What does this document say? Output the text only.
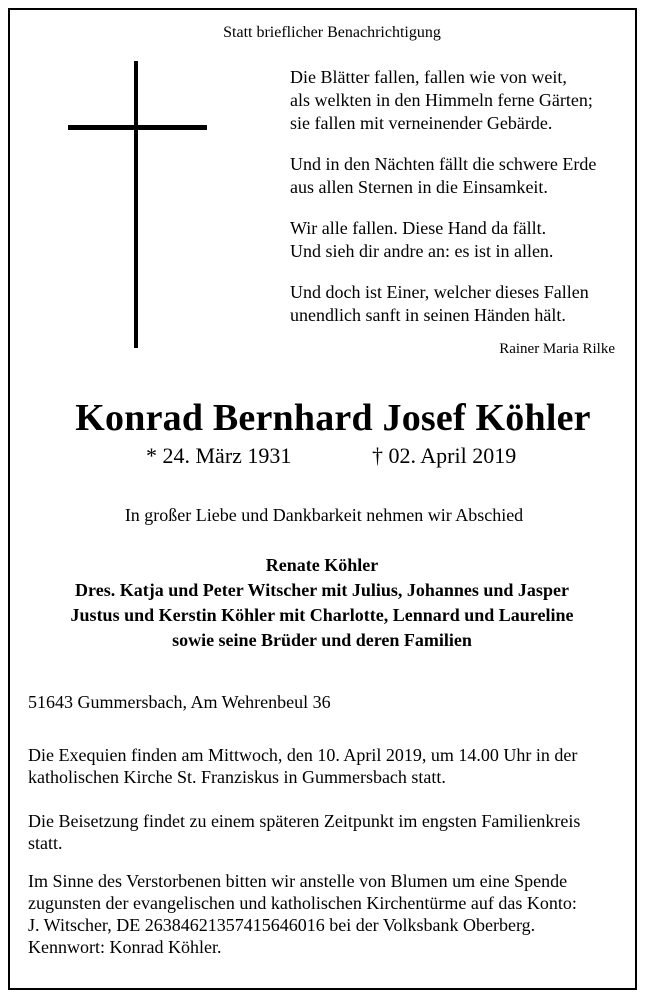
Statt brieflicher Benachrichtigung
Die Blätter fallen, fallen wie von weit,
als welkten in den Himmeln ferne Gärten;
sie fallen mit verneinender Gebärde.
Und in den Nächten fällt die schwere Erde
aus allen Sternen in die Einsamkeit.
Wir alle fallen. Diese Hand da fällt.
Und sieh dir andre an: es ist in allen.
Und doch ist Einer, welcher dieses Fallen
unendlich sanft in seinen Händen hält.
Rainer Maria Rilke
Konrad Bernhard Josef Köhler
* 24. März 1931	† 02. April 2019
In großer Liebe und Dankbarkeit nehmen wir Abschied
Renate Köhler
Dres. Katja und Peter Witscher mit Julius, Johannes und Jasper
Justus und Kerstin Köhler mit Charlotte, Lennard und Laureline
sowie seine Brüder und deren Familien
51643 Gummersbach, Am Wehrenbeul 36
Die Exequien finden am Mittwoch, den 10. April 2019, um 14.00 Uhr in der
katholischen Kirche St. Franziskus in Gummersbach statt.
Die Beisetzung findet zu einem späteren Zeitpunkt im engsten Familienkreis
statt.
Im Sinne des Verstorbenen bitten wir anstelle von Blumen um eine Spende
zugunsten der evangelischen und katholischen Kirchentürme auf das Konto:
J. Witscher, DE 26384621357415646016 bei der Volksbank Oberberg.
Kennwort: Konrad Köhler.
